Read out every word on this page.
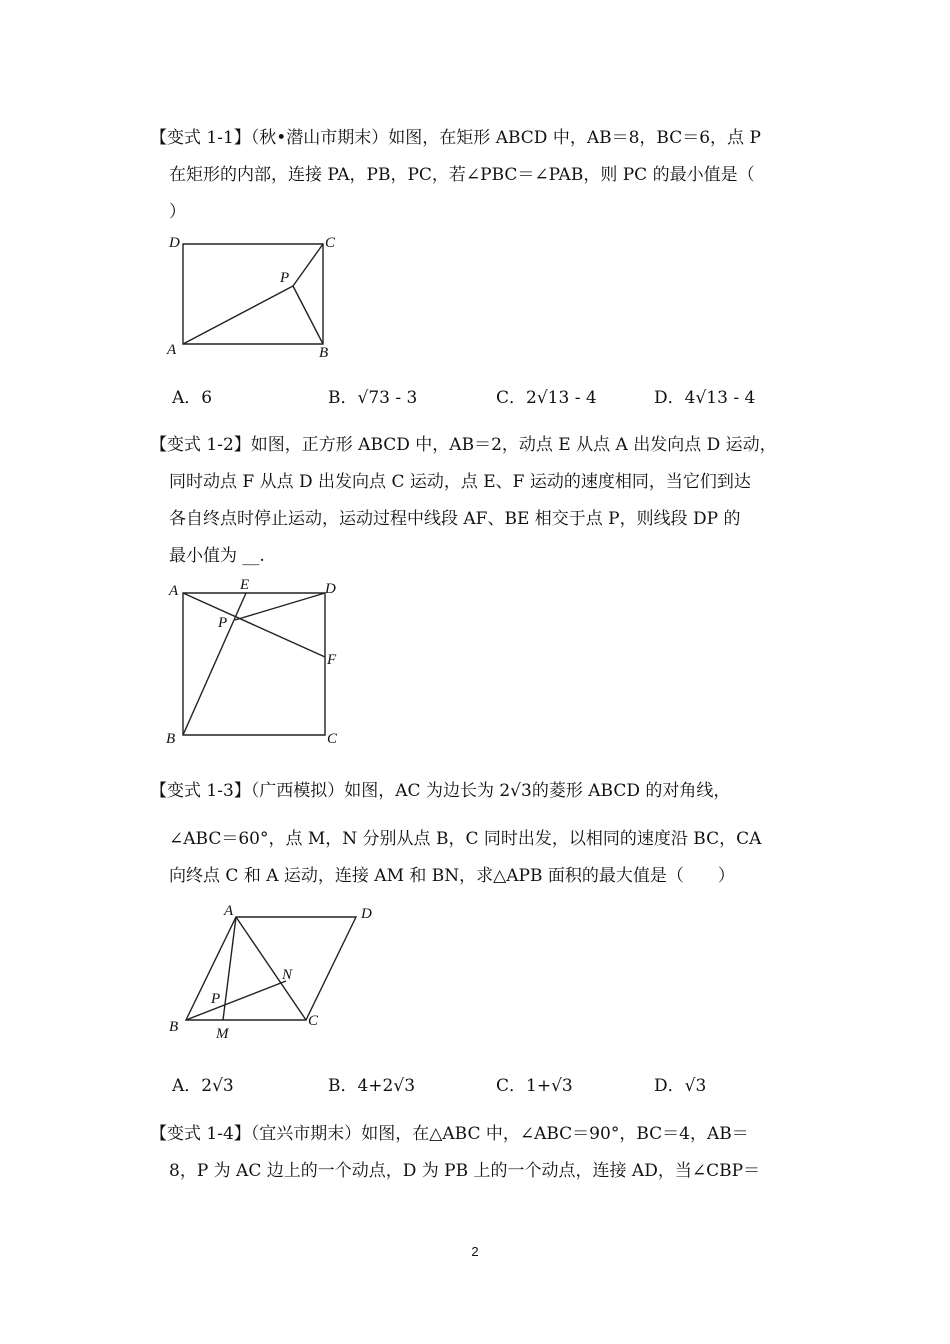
【变式 1-1】（秋•潜山市期末）如图，在矩形 ABCD 中，AB＝8，BC＝6，点 P
在矩形的内部，连接 PA，PB，PC，若∠PBC＝∠PAB，则 PC 的最小值是（
）
D	C
P
A	B
A．6	B．√73 - 3	C．2√13 - 4	D．4√13 - 4
【变式 1-2】如图，正方形 ABCD 中，AB＝2，动点 E 从点 A 出发向点 D 运动，
同时动点 F 从点 D 出发向点 C 运动，点 E、F 运动的速度相同，当它们到达
各自终点时停止运动，运动过程中线段 AF、BE 相交于点 P，则线段 DP 的
最小值为 __.
A	E	D
P
F
B	C
【变式 1-3】（广西模拟）如图，AC 为边长为 2√3的菱形 ABCD 的对角线，
∠ABC＝60°，点 M，N 分别从点 B，C 同时出发，以相同的速度沿 BC，CA
向终点 C 和 A 运动，连接 AM 和 BN，求△APB 面积的最大值是（　　）
A	D
N
P
B	M
C
A．2√3	B．4+2√3	C．1+√3	D．√3
【变式 1-4】（宜兴市期末）如图，在△ABC 中，∠ABC＝90°，BC＝4，AB＝
8，P 为 AC 边上的一个动点，D 为 PB 上的一个动点，连接 AD，当∠CBP＝
2
